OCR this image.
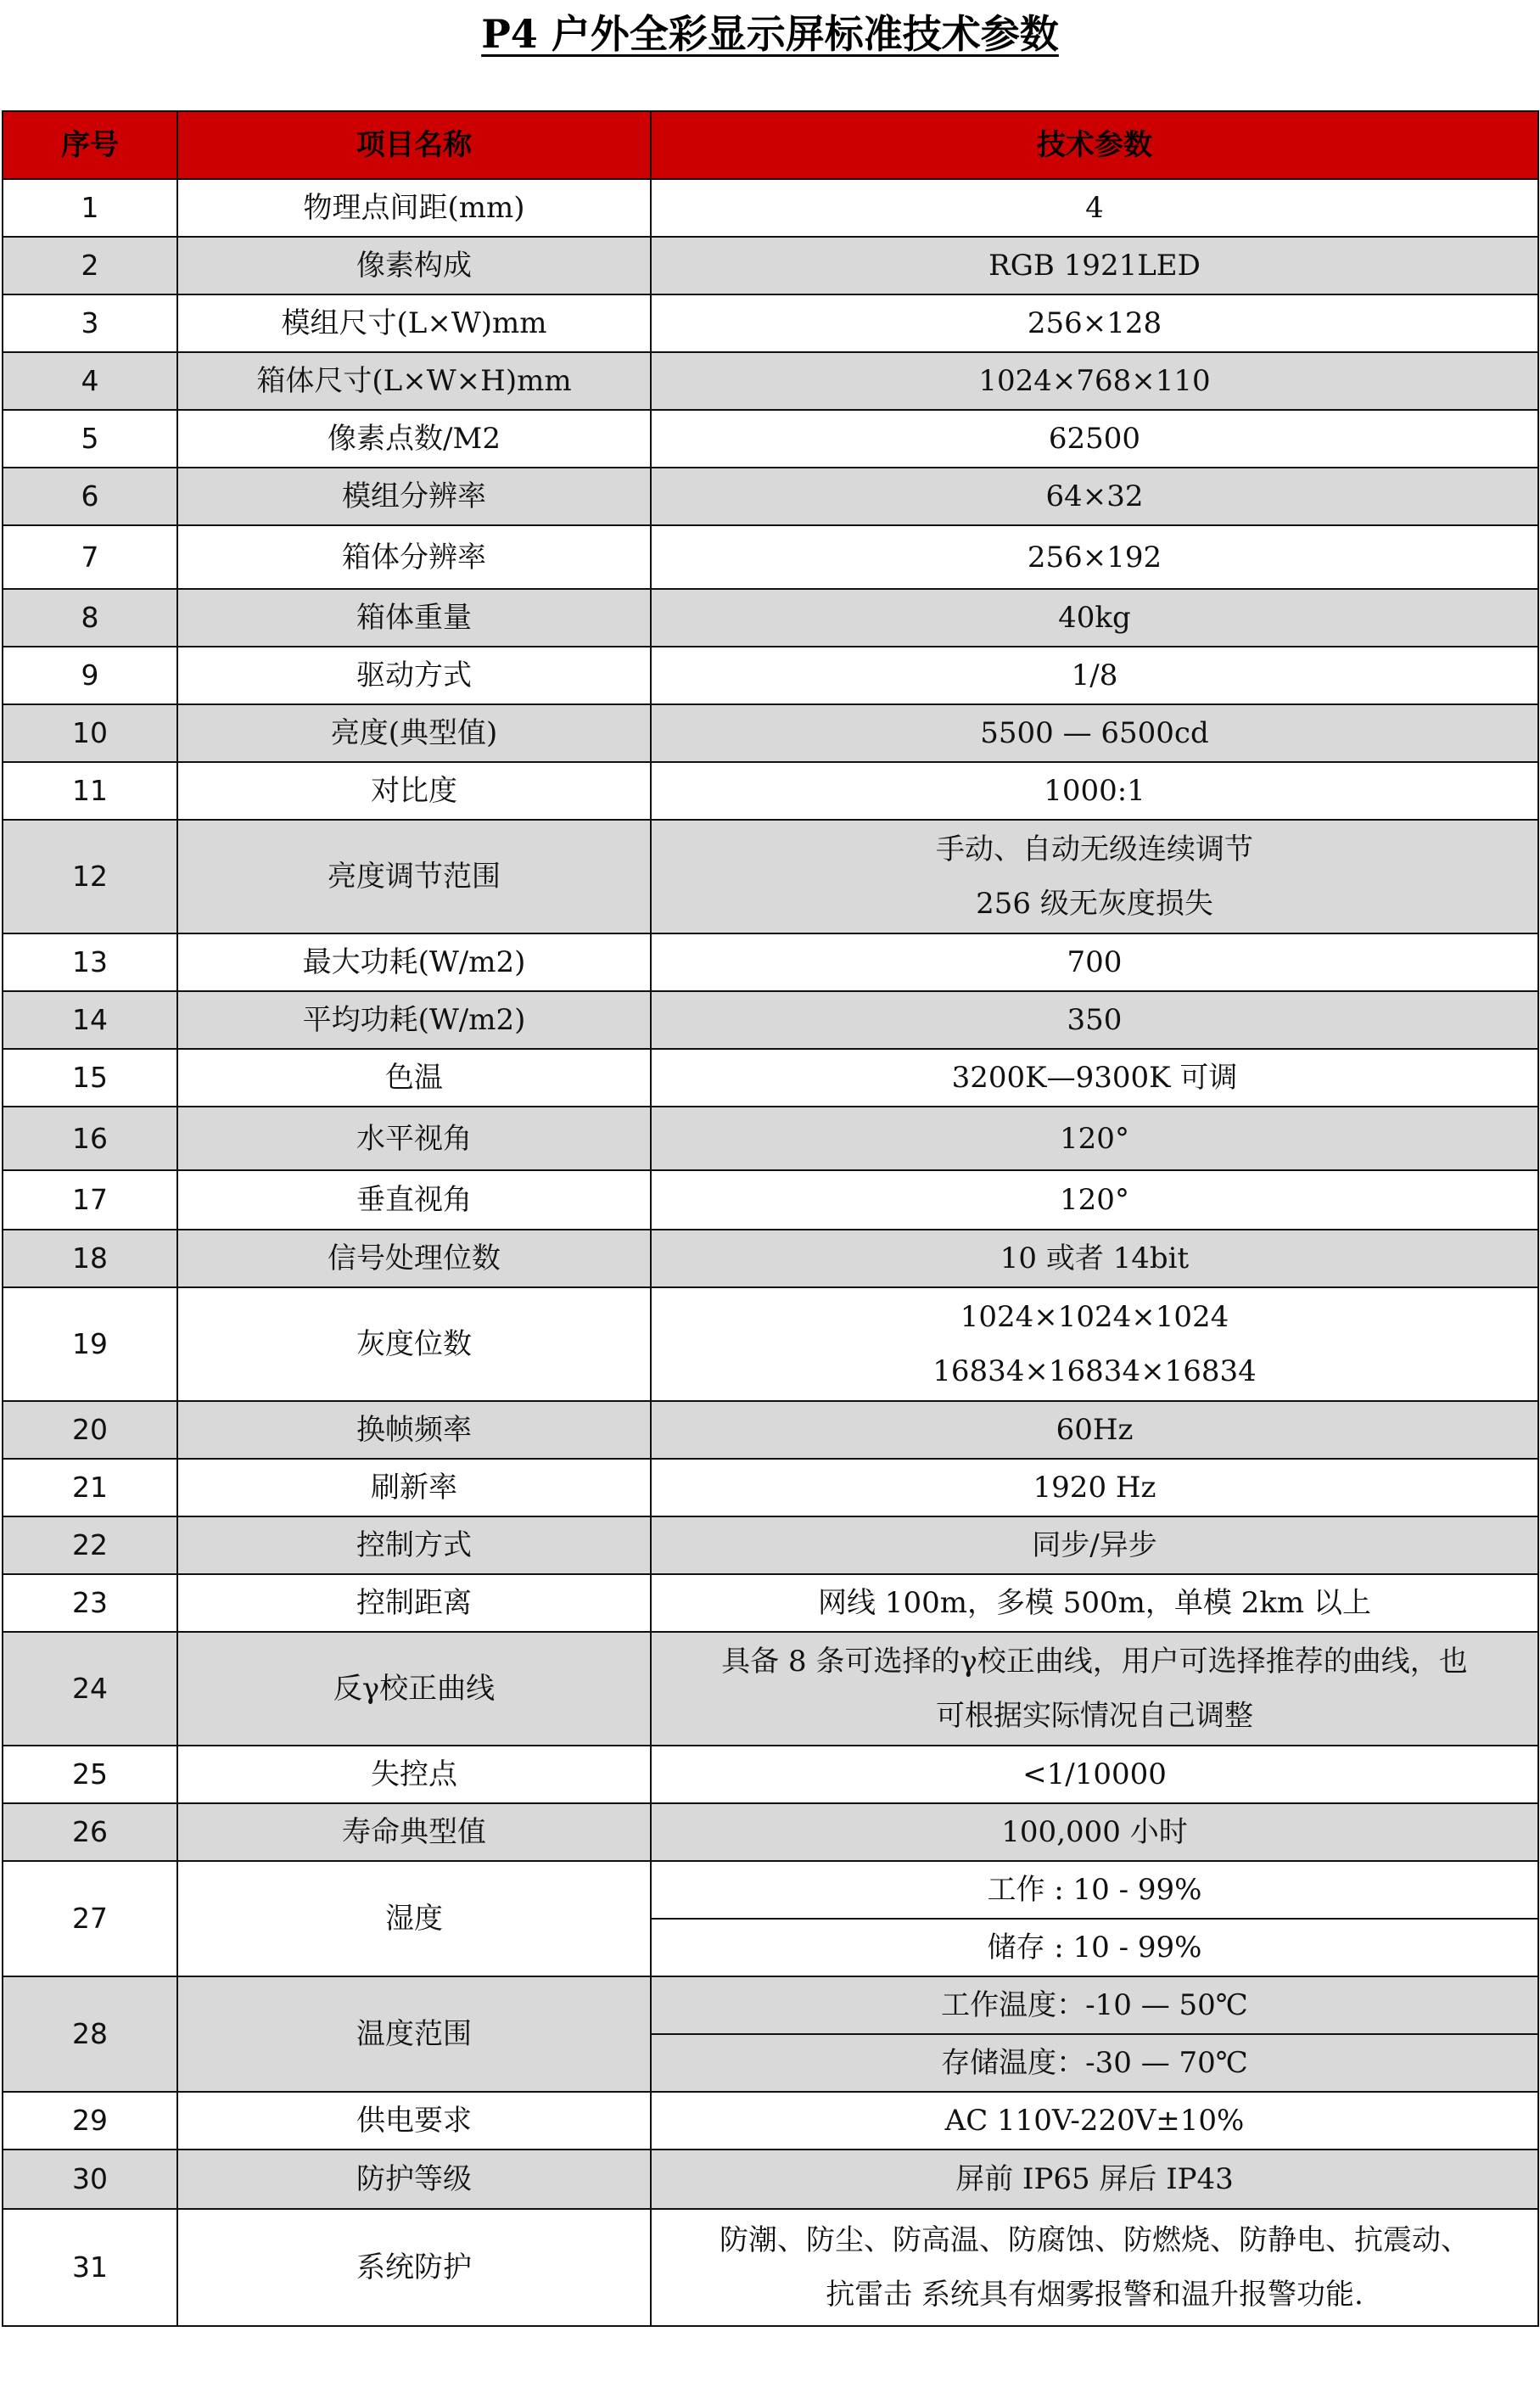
P4 户外全彩显示屏标准技术参数
序号	项目名称	技术参数
1	物理点间距(mm)	4
2	像素构成	RGB 1921LED
3	模组尺寸(L×W)mm	256×128
4	箱体尺寸(L×W×H)mm	1024×768×110
5	像素点数/M2	62500
6	模组分辨率	64×32
7	箱体分辨率	256×192
8	箱体重量	40kg
9	驱动方式	1/8
10	亮度(典型值)	5500 — 6500cd
11	对比度	1000:1
12	亮度调节范围	手动、自动无级连续调节
256 级无灰度损失

13	最大功耗(W/m2)	700
14	平均功耗(W/m2)	350
15	色温	3200K—9300K 可调
16	水平视角	120°
17	垂直视角	120°
18	信号处理位数	10 或者 14bit
19	灰度位数	1024×1024×1024
16834×16834×16834

20	换帧频率	60Hz
21	刷新率	1920 Hz
22	控制方式	同步/异步
23	控制距离	网线 100m，多模 500m，单模 2km 以上
24	反γ校正曲线	具备 8 条可选择的γ校正曲线，用户可选择推荐的曲线，也
可根据实际情况自己调整

25	失控点	<1/10000
26	寿命典型值	100,000 小时
27	湿度	工作 : 10 - 99%
		储存 : 10 - 99%
28	温度范围	工作温度：-10 — 50℃
		存储温度：-30 — 70℃
29	供电要求	AC 110V-220V±10%
30	防护等级	屏前 IP65 屏后 IP43
31	系统防护	防潮、防尘、防高温、防腐蚀、防燃烧、防静电、抗震动、
抗雷击 系统具有烟雾报警和温升报警功能.
